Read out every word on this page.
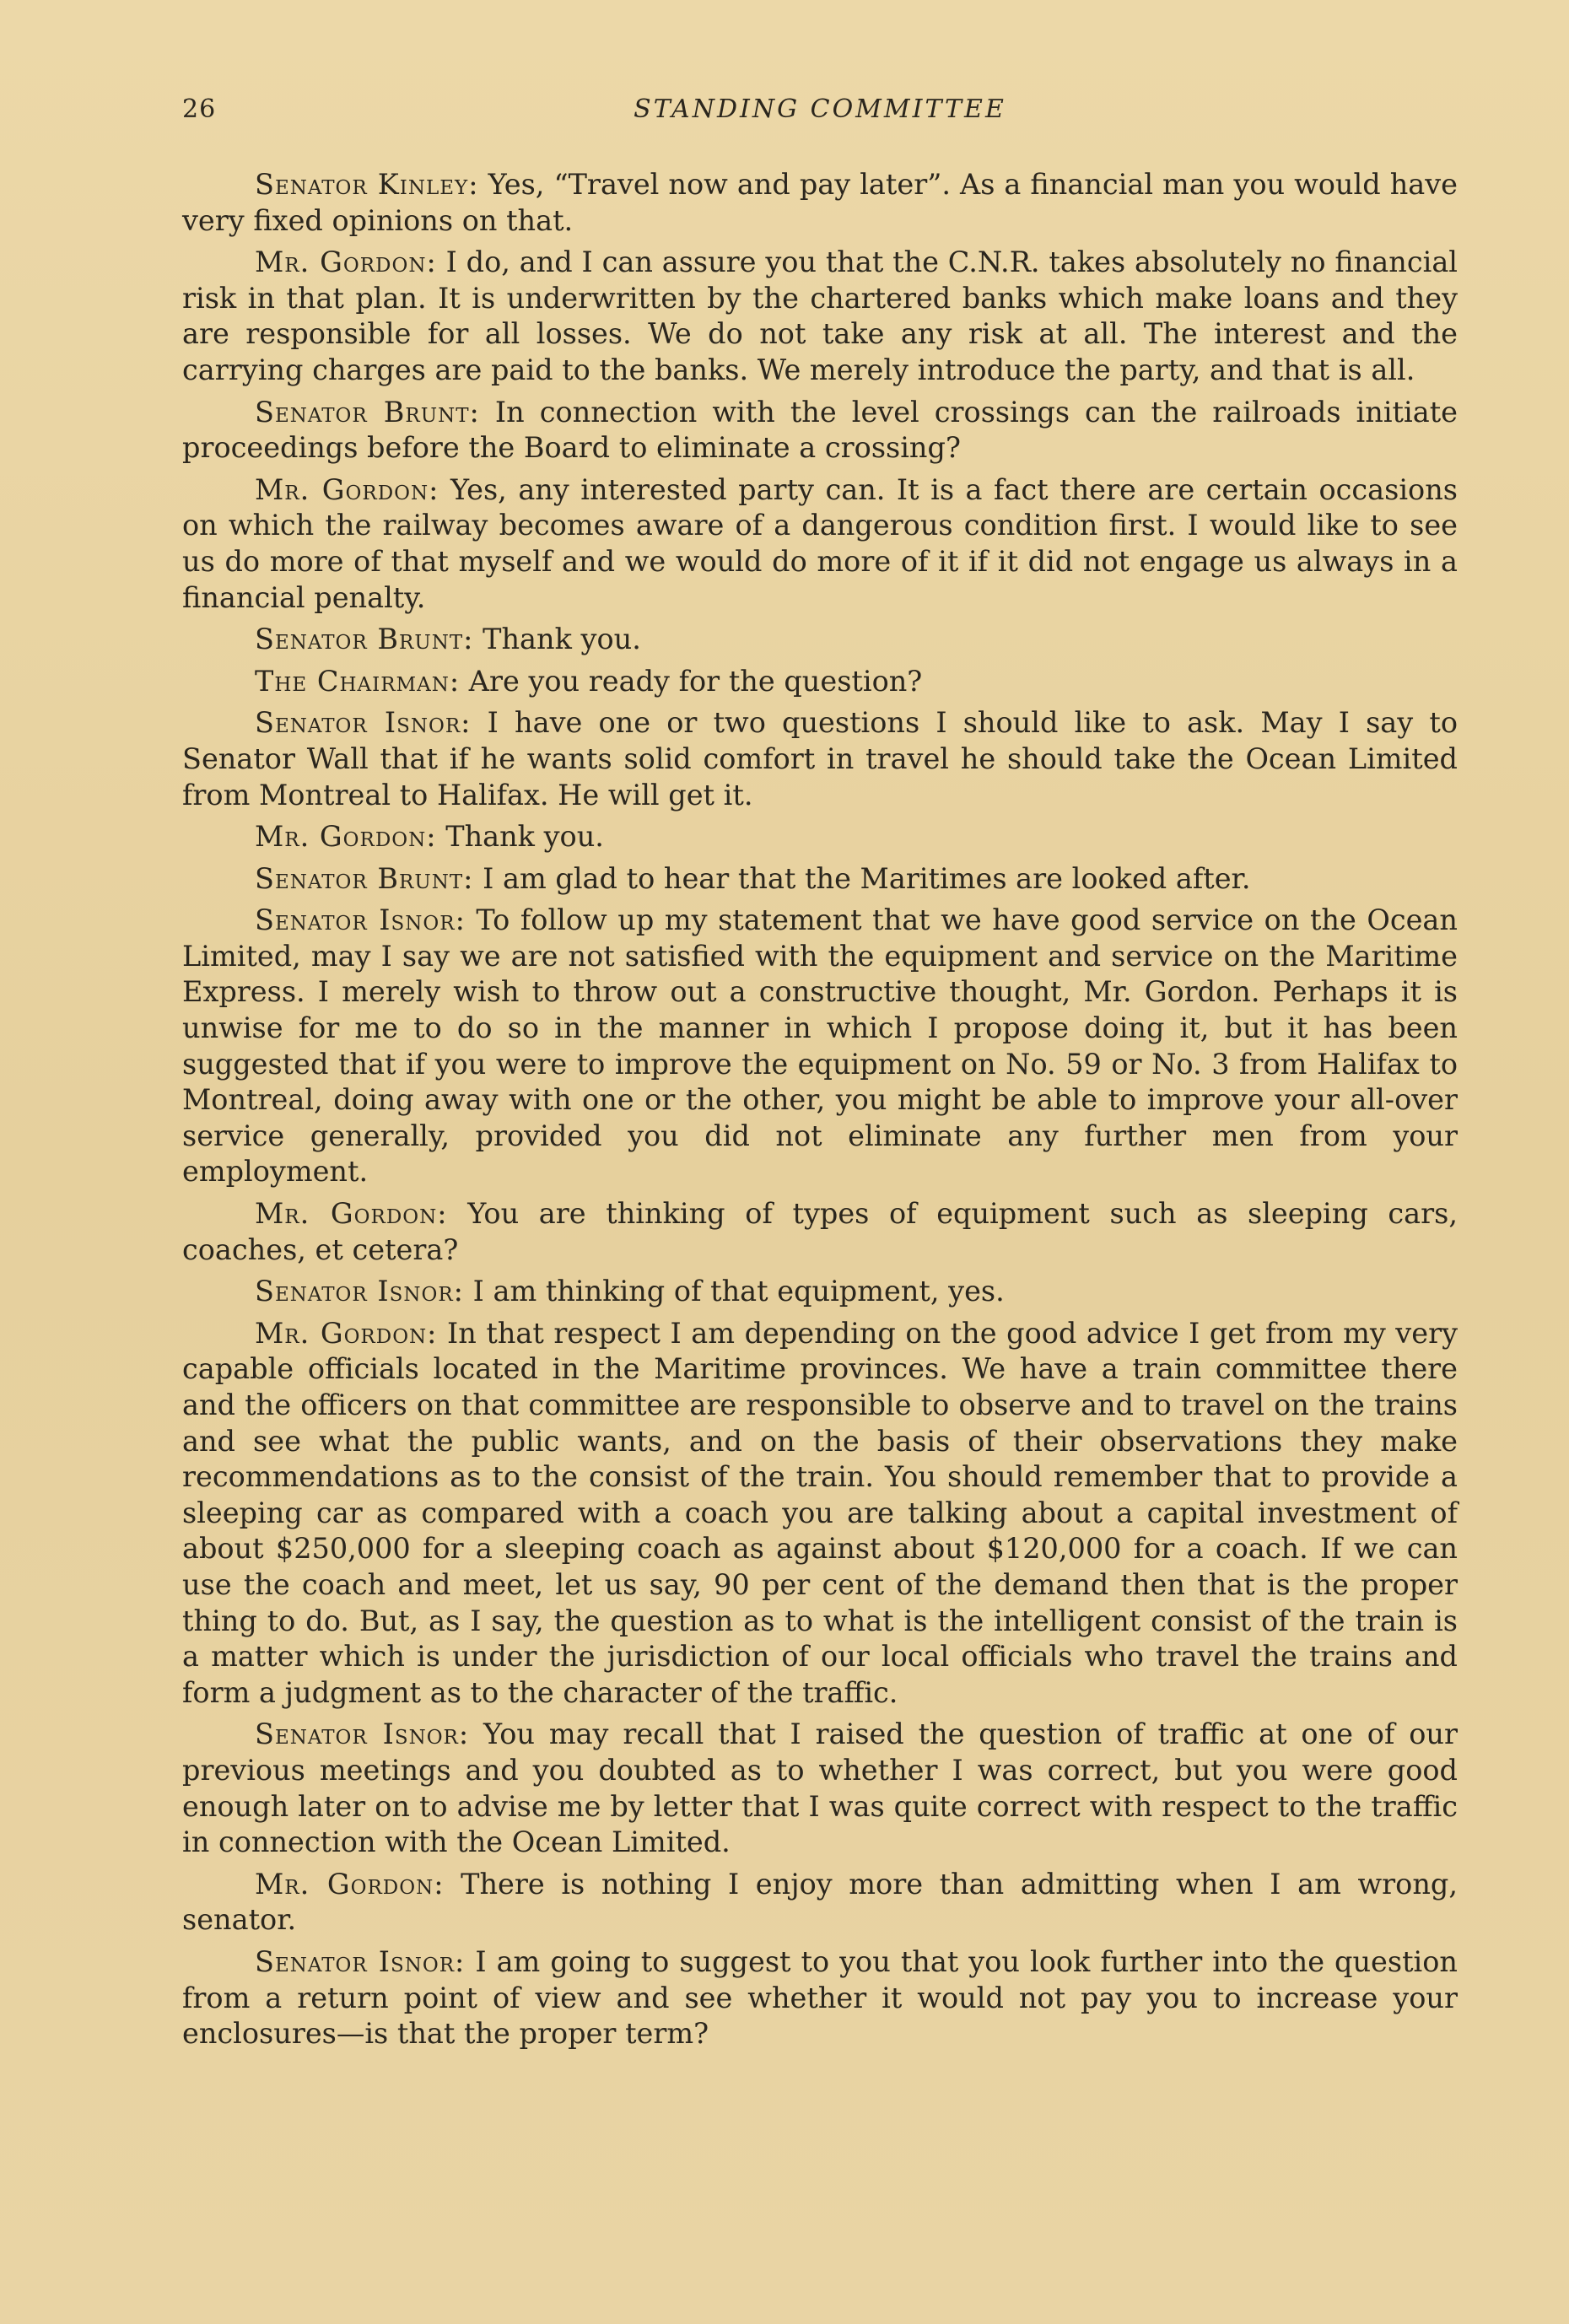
26	STANDING COMMITTEE

Senator Kinley: Yes, “Travel now and pay later”. As a financial man you would have very fixed opinions on that.

Mr. Gordon: I do, and I can assure you that the C.N.R. takes absolutely no financial risk in that plan. It is underwritten by the chartered banks which make loans and they are responsible for all losses. We do not take any risk at all. The interest and the carrying charges are paid to the banks. We merely introduce the party, and that is all.

Senator Brunt: In connection with the level crossings can the railroads initiate proceedings before the Board to eliminate a crossing?

Mr. Gordon: Yes, any interested party can. It is a fact there are certain occasions on which the railway becomes aware of a dangerous condition first. I would like to see us do more of that myself and we would do more of it if it did not engage us always in a financial penalty.

Senator Brunt: Thank you.

The Chairman: Are you ready for the question?

Senator Isnor: I have one or two questions I should like to ask. May I say to Senator Wall that if he wants solid comfort in travel he should take the Ocean Limited from Montreal to Halifax. He will get it.

Mr. Gordon: Thank you.

Senator Brunt: I am glad to hear that the Maritimes are looked after.

Senator Isnor: To follow up my statement that we have good service on the Ocean Limited, may I say we are not satisfied with the equipment and service on the Maritime Express. I merely wish to throw out a constructive thought, Mr. Gordon. Perhaps it is unwise for me to do so in the manner in which I propose doing it, but it has been suggested that if you were to improve the equipment on No. 59 or No. 3 from Halifax to Montreal, doing away with one or the other, you might be able to improve your all-over service generally, provided you did not eliminate any further men from your employment.

Mr. Gordon: You are thinking of types of equipment such as sleeping cars, coaches, et cetera?

Senator Isnor: I am thinking of that equipment, yes.

Mr. Gordon: In that respect I am depending on the good advice I get from my very capable officials located in the Maritime provinces. We have a train committee there and the officers on that committee are responsible to observe and to travel on the trains and see what the public wants, and on the basis of their observations they make recommendations as to the consist of the train. You should remember that to provide a sleeping car as compared with a coach you are talking about a capital investment of about $250,000 for a sleeping coach as against about $120,000 for a coach. If we can use the coach and meet, let us say, 90 per cent of the demand then that is the proper thing to do. But, as I say, the question as to what is the intelligent consist of the train is a matter which is under the jurisdiction of our local officials who travel the trains and form a judgment as to the character of the traffic.

Senator Isnor: You may recall that I raised the question of traffic at one of our previous meetings and you doubted as to whether I was correct, but you were good enough later on to advise me by letter that I was quite correct with respect to the traffic in connection with the Ocean Limited.

Mr. Gordon: There is nothing I enjoy more than admitting when I am wrong, senator.

Senator Isnor: I am going to suggest to you that you look further into the question from a return point of view and see whether it would not pay you to increase your enclosures—is that the proper term?
